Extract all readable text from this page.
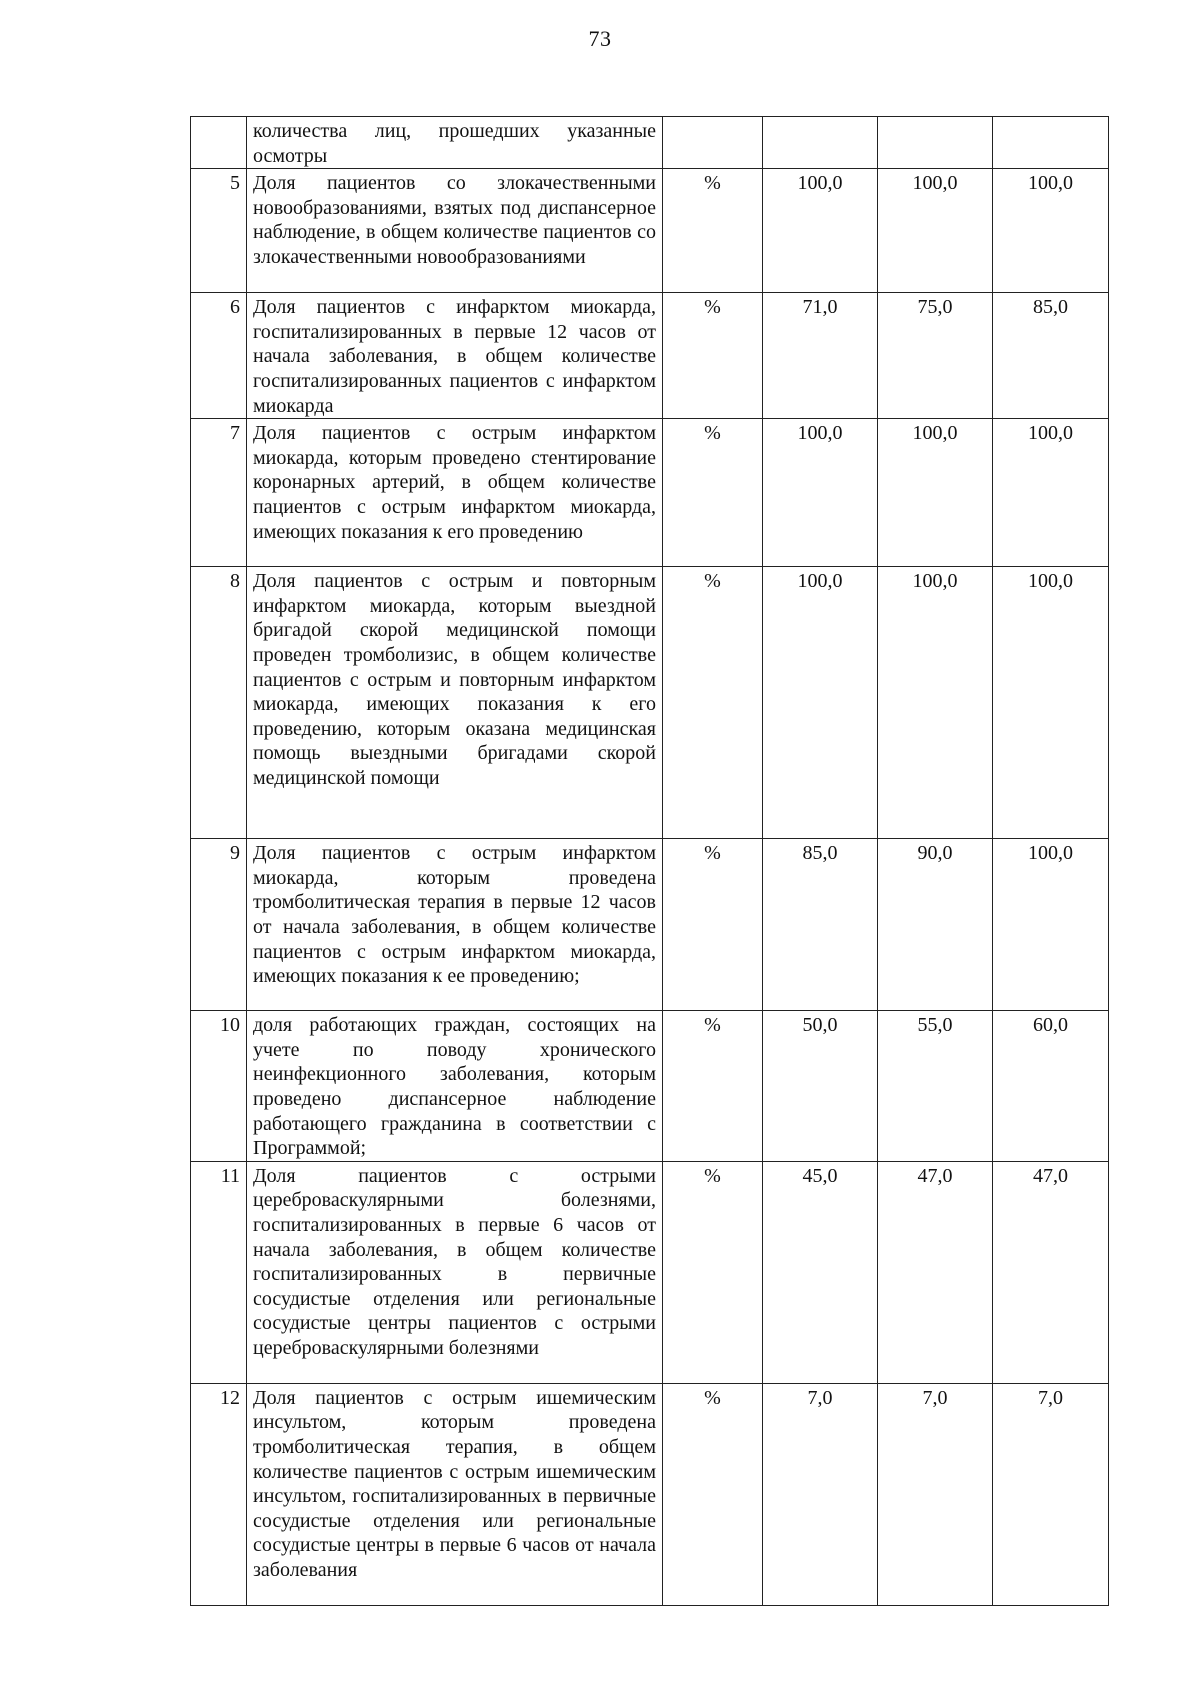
73
	количества лиц, прошедших указанные осмотры				
5	Доля пациентов со злокачественными новообразованиями, взятых под диспансерное наблюдение, в общем количестве пациентов со злокачественными новообразованиями	%	100,0	100,0	100,0
6	Доля пациентов с инфарктом миокарда, госпитализированных в первые 12 часов от начала заболевания, в общем количестве госпитализированных пациентов с инфарктом миокарда	%	71,0	75,0	85,0
7	Доля пациентов с острым инфарктом миокарда, которым проведено стентирование коронарных артерий, в общем количестве пациентов с острым инфарктом миокарда, имеющих показания к его проведению	%	100,0	100,0	100,0
8	Доля пациентов с острым и повторным инфарктом миокарда, которым выездной бригадой скорой медицинской помощи проведен тромболизис, в общем количестве пациентов с острым и повторным инфарктом миокарда, имеющих показания к его проведению, которым оказана медицинская помощь выездными бригадами скорой медицинской помощи	%	100,0	100,0	100,0
9	Доля пациентов с острым инфарктом миокарда, которым проведена тромболитическая терапия в первые 12 часов от начала заболевания, в общем количестве пациентов с острым инфарктом миокарда, имеющих показания к ее проведению;	%	85,0	90,0	100,0
10	доля работающих граждан, состоящих на учете по поводу хронического неинфекционного заболевания, которым проведено диспансерное наблюдение работающего гражданина в соответствии с Программой;	%	50,0	55,0	60,0
11	Доля пациентов с острыми цереброваскулярными болезнями, госпитализированных в первые 6 часов от начала заболевания, в общем количестве госпитализированных в первичные сосудистые отделения или региональные сосудистые центры пациентов с острыми цереброваскулярными болезнями	%	45,0	47,0	47,0
12	Доля пациентов с острым ишемическим инсультом, которым проведена тромболитическая терапия, в общем количестве пациентов с острым ишемическим инсультом, госпитализированных в первичные сосудистые отделения или региональные сосудистые центры в первые 6 часов от начала заболевания	%	7,0	7,0	7,0
